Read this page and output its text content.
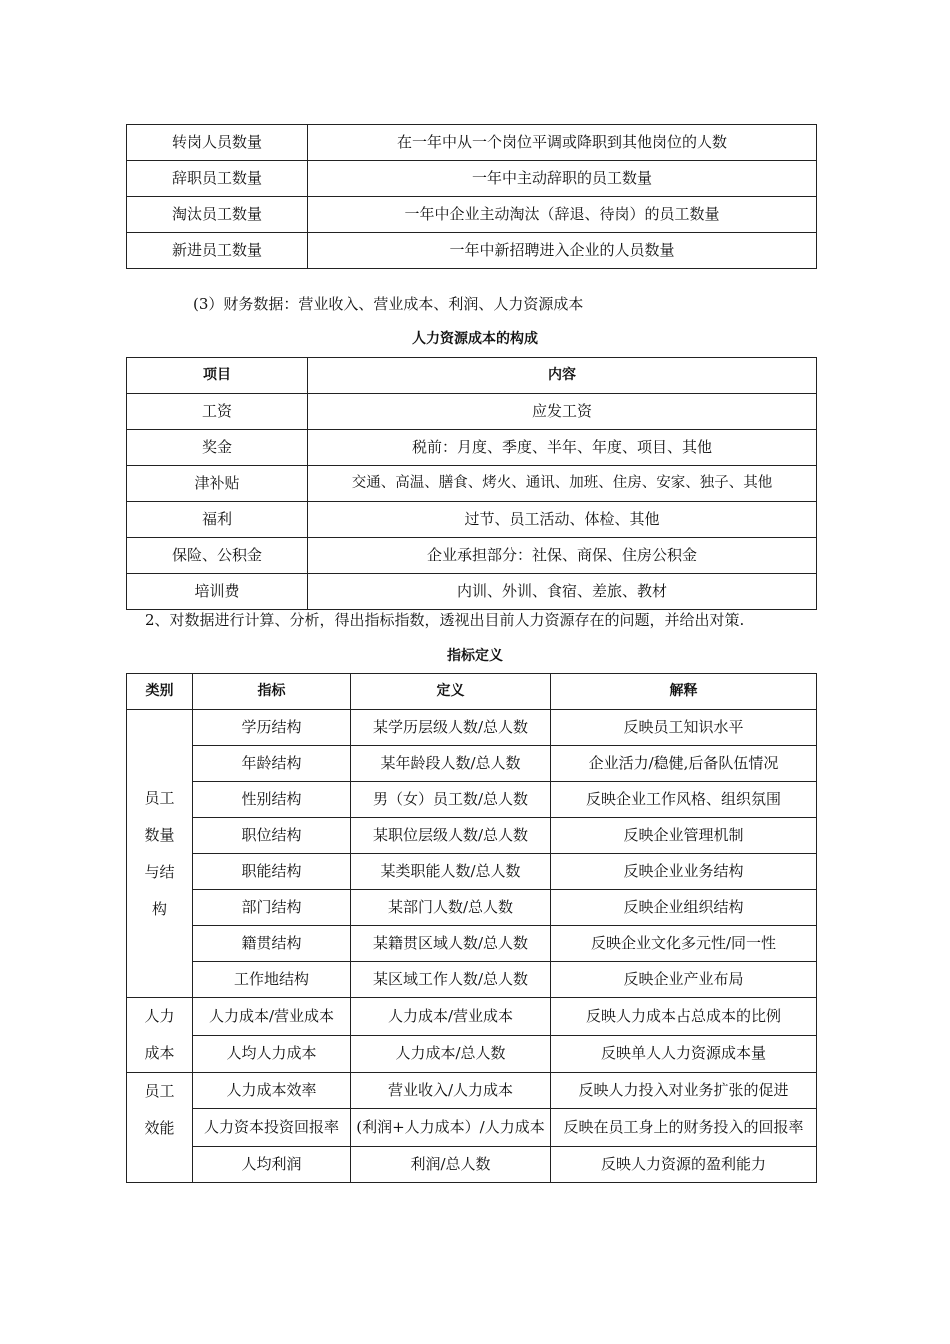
转岗人员数量	在一年中从一个岗位平调或降职到其他岗位的人数
辞职员工数量	一年中主动辞职的员工数量
淘汰员工数量	一年中企业主动淘汰（辞退、待岗）的员工数量
新进员工数量	一年中新招聘进入企业的人员数量
(3）财务数据：营业收入、营业成本、利润、人力资源成本
人力资源成本的构成
项目	内容
工资	应发工资
奖金	税前：月度、季度、半年、年度、项目、其他
津补贴	交通、高温、膳食、烤火、通讯、加班、住房、安家、独子、其他
福利	过节、员工活动、体检、其他
保险、公积金	企业承担部分：社保、商保、住房公积金
培训费	内训、外训、食宿、差旅、教材
2、对数据进行计算、分析，得出指标指数，透视出目前人力资源存在的问题，并给出对策.
指标定义
类别	指标	定义	解释

员工
数量
与结
构	学历结构	某学历层级人数/总人数	反映员工知识水平
	年龄结构	某年龄段人数/总人数	企业活力/稳健,后备队伍情况
	性别结构	男（女）员工数/总人数	反映企业工作风格、组织氛围
	职位结构	某职位层级人数/总人数	反映企业管理机制
	职能结构	某类职能人数/总人数	反映企业业务结构
	部门结构	某部门人数/总人数	反映企业组织结构
	籍贯结构	某籍贯区域人数/总人数	反映企业文化多元性/同一性
	工作地结构	某区域工作人数/总人数	反映企业产业布局

人力
成本	人力成本/营业成本	人力成本/营业成本	反映人力成本占总成本的比例
	人均人力成本	人力成本/总人数	反映单人人力资源成本量

员工
效能	人力成本效率	营业收入/人力成本	反映人力投入对业务扩张的促进
	人力资本投资回报率	(利润+人力成本）/人力成本	反映在员工身上的财务投入的回报率
	人均利润	利润/总人数	反映人力资源的盈利能力
